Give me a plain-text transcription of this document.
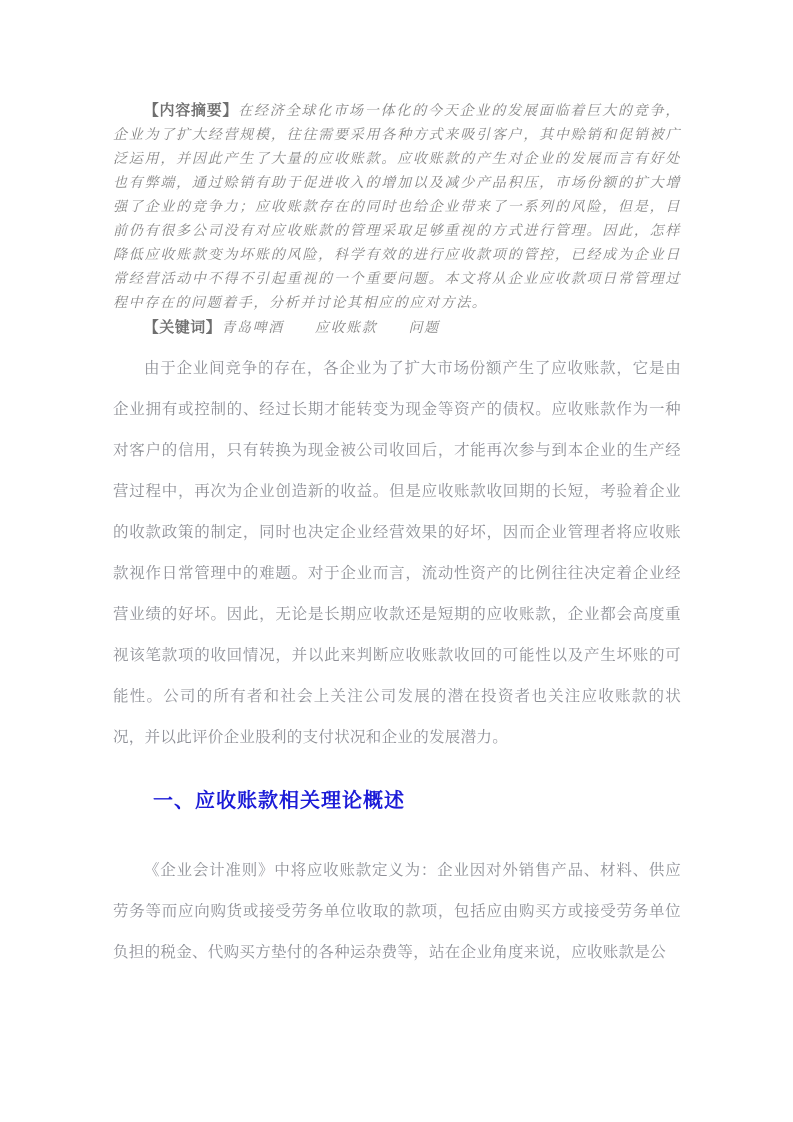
【内容摘要】在经济全球化市场一体化的今天企业的发展面临着巨大的竞争，企业为了扩大经营规模，往往需要采用各种方式来吸引客户，其中赊销和促销被广泛运用，并因此产生了大量的应收账款。应收账款的产生对企业的发展而言有好处也有弊端，通过赊销有助于促进收入的增加以及减少产品积压，市场份额的扩大增强了企业的竞争力；应收账款存在的同时也给企业带来了一系列的风险，但是，目前仍有很多公司没有对应收账款的管理采取足够重视的方式进行管理。因此，怎样降低应收账款变为坏账的风险，科学有效的进行应收款项的管控，已经成为企业日常经营活动中不得不引起重视的一个重要问题。本文将从企业应收款项日常管理过程中存在的问题着手，分析并讨论其相应的应对方法。

【关键词】青岛啤酒　　应收账款　　问题

由于企业间竞争的存在，各企业为了扩大市场份额产生了应收账款，它是由企业拥有或控制的、经过长期才能转变为现金等资产的债权。应收账款作为一种对客户的信用，只有转换为现金被公司收回后，才能再次参与到本企业的生产经营过程中，再次为企业创造新的收益。但是应收账款收回期的长短，考验着企业的收款政策的制定，同时也决定企业经营效果的好坏，因而企业管理者将应收账款视作日常管理中的难题。对于企业而言，流动性资产的比例往往决定着企业经营业绩的好坏。因此，无论是长期应收款还是短期的应收账款，企业都会高度重视该笔款项的收回情况，并以此来判断应收账款收回的可能性以及产生坏账的可能性。公司的所有者和社会上关注公司发展的潜在投资者也关注应收账款的状况，并以此评价企业股利的支付状况和企业的发展潜力。

一、应收账款相关理论概述

《企业会计准则》中将应收账款定义为：企业因对外销售产品、材料、供应劳务等而应向购货或接受劳务单位收取的款项，包括应由购买方或接受劳务单位负担的税金、代购买方垫付的各种运杂费等，站在企业角度来说，应收账款是公
